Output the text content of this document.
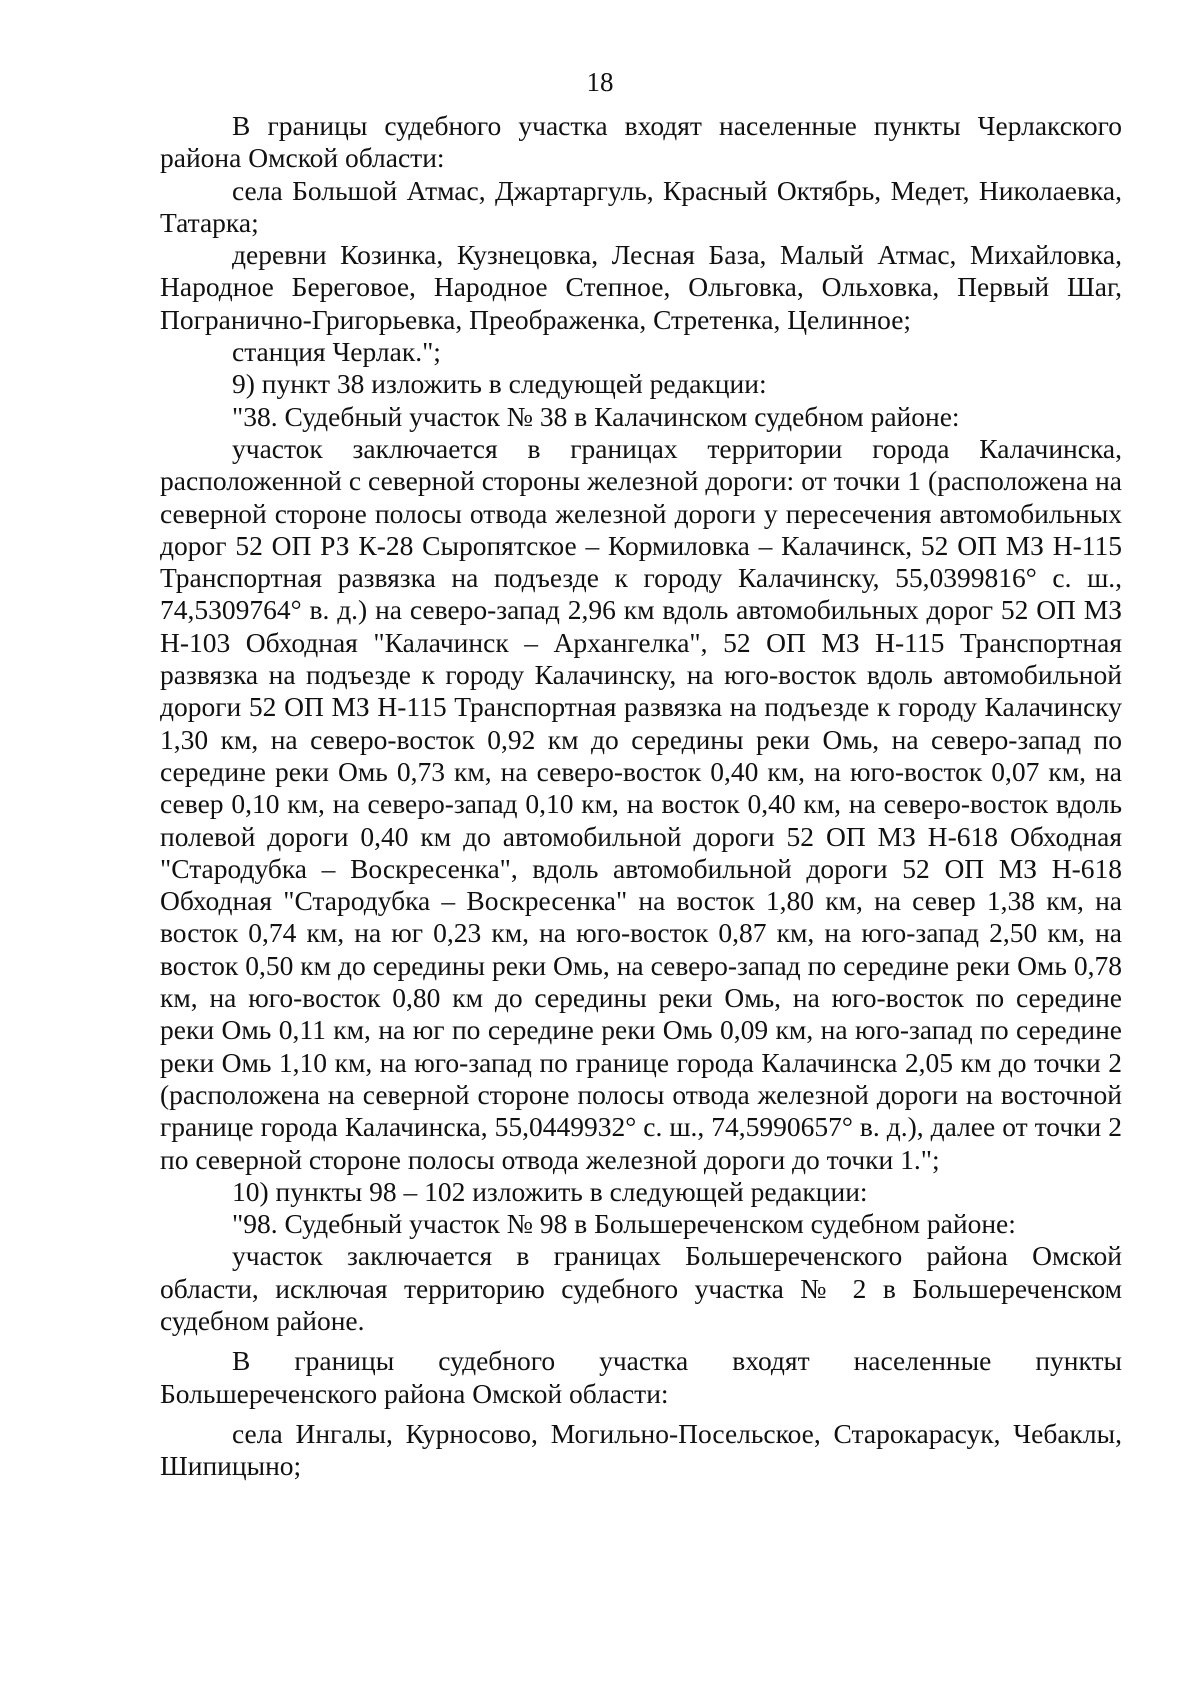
18

В границы судебного участка входят населенные пункты Черлакского района Омской области:

села Большой Атмас, Джартаргуль, Красный Октябрь, Медет, Николаевка, Татарка;

деревни Козинка, Кузнецовка, Лесная База, Малый Атмас, Михайловка, Народное Береговое, Народное Степное, Ольговка, Ольховка, Первый Шаг, Погранично-Григорьевка, Преображенка, Стретенка, Целинное;

станция Черлак.";

9) пункт 38 изложить в следующей редакции:

"38. Судебный участок № 38 в Калачинском судебном районе:

участок заключается в границах территории города Калачинска, расположенной с северной стороны железной дороги: от точки 1 (расположена на северной стороне полосы отвода железной дороги у пересечения автомобильных дорог 52 ОП РЗ К-28 Сыропятское – Кормиловка – Калачинск, 52 ОП МЗ Н-115 Транспортная развязка на подъезде к городу Калачинску, 55,0399816° с. ш., 74,5309764° в. д.) на северо-запад 2,96 км вдоль автомобильных дорог 52 ОП МЗ Н-103 Обходная "Калачинск – Архангелка", 52 ОП МЗ Н-115 Транспортная развязка на подъезде к городу Калачинску, на юго-восток вдоль автомобильной дороги 52 ОП МЗ Н-115 Транспортная развязка на подъезде к городу Калачинску 1,30 км, на северо-восток 0,92 км до середины реки Омь, на северо-запад по середине реки Омь 0,73 км, на северо-восток 0,40 км, на юго-восток 0,07 км, на север 0,10 км, на северо-запад 0,10 км, на восток 0,40 км, на северо-восток вдоль полевой дороги 0,40 км до автомобильной дороги 52 ОП МЗ Н-618 Обходная "Стародубка – Воскресенка", вдоль автомобильной дороги 52 ОП МЗ Н-618 Обходная "Стародубка – Воскресенка" на восток 1,80 км, на север 1,38 км, на восток 0,74 км, на юг 0,23 км, на юго-восток 0,87 км, на юго-запад 2,50 км, на восток 0,50 км до середины реки Омь, на северо-запад по середине реки Омь 0,78 км, на юго-восток 0,80 км до середины реки Омь, на юго-восток по середине реки Омь 0,11 км, на юг по середине реки Омь 0,09 км, на юго-запад по середине реки Омь 1,10 км, на юго-запад по границе города Калачинска 2,05 км до точки 2 (расположена на северной стороне полосы отвода железной дороги на восточной границе города Калачинска, 55,0449932° с. ш., 74,5990657° в. д.), далее от точки 2 по северной стороне полосы отвода железной дороги до точки 1.";

10) пункты 98 – 102 изложить в следующей редакции:

"98. Судебный участок № 98 в Большереченском судебном районе:

участок заключается в границах Большереченского района Омской области, исключая территорию судебного участка № 2 в Большереченском судебном районе.

В границы судебного участка входят населенные пункты Большереченского района Омской области:

села Ингалы, Курносово, Могильно-Посельское, Старокарасук, Чебаклы, Шипицыно;
